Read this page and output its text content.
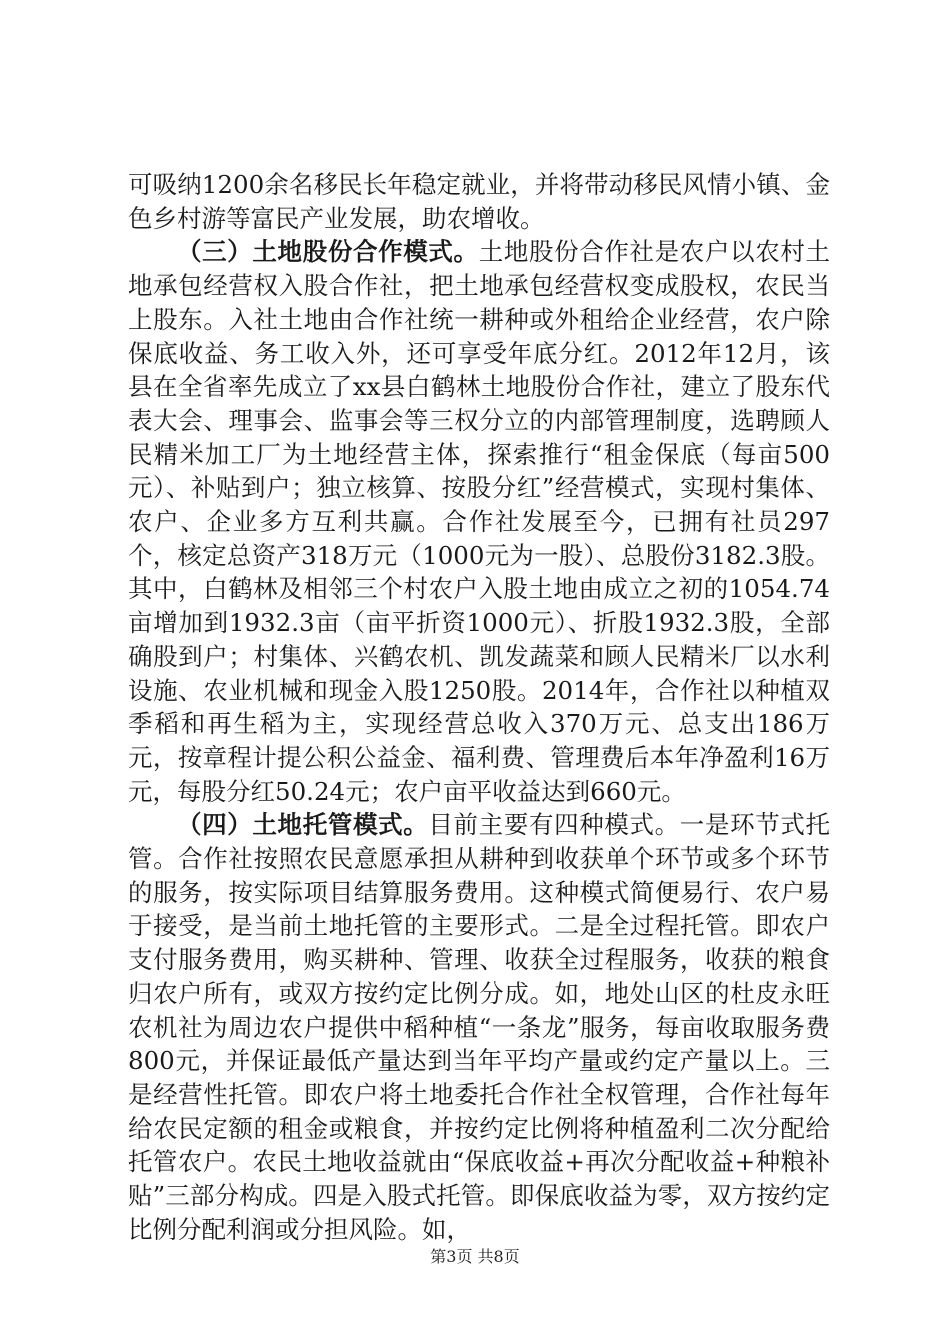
可吸纳1200余名移民长年稳定就业，并将带动移民风情小镇、金色乡村游等富民产业发展，助农增收。

（三）土地股份合作模式。土地股份合作社是农户以农村土地承包经营权入股合作社，把土地承包经营权变成股权，农民当上股东。入社土地由合作社统一耕种或外租给企业经营，农户除保底收益、务工收入外，还可享受年底分红。2012年12月，该县在全省率先成立了xx县白鹤林土地股份合作社，建立了股东代表大会、理事会、监事会等三权分立的内部管理制度，选聘顾人民精米加工厂为土地经营主体，探索推行“租金保底（每亩500元）、补贴到户；独立核算、按股分红”经营模式，实现村集体、农户、企业多方互利共赢。合作社发展至今，已拥有社员297个，核定总资产318万元（1000元为一股）、总股份3182.3股。其中，白鹤林及相邻三个村农户入股土地由成立之初的1054.74亩增加到1932.3亩（亩平折资1000元）、折股1932.3股，全部确股到户；村集体、兴鹤农机、凯发蔬菜和顾人民精米厂以水利设施、农业机械和现金入股1250股。2014年，合作社以种植双季稻和再生稻为主，实现经营总收入370万元、总支出186万元，按章程计提公积公益金、福利费、管理费后本年净盈利16万元，每股分红50.24元；农户亩平收益达到660元。

（四）土地托管模式。目前主要有四种模式。一是环节式托管。合作社按照农民意愿承担从耕种到收获单个环节或多个环节的服务，按实际项目结算服务费用。这种模式简便易行、农户易于接受，是当前土地托管的主要形式。二是全过程托管。即农户支付服务费用，购买耕种、管理、收获全过程服务，收获的粮食归农户所有，或双方按约定比例分成。如，地处山区的杜皮永旺农机社为周边农户提供中稻种植“一条龙”服务，每亩收取服务费800元，并保证最低产量达到当年平均产量或约定产量以上。三是经营性托管。即农户将土地委托合作社全权管理，合作社每年给农民定额的租金或粮食，并按约定比例将种植盈利二次分配给托管农户。农民土地收益就由“保底收益+再次分配收益+种粮补贴”三部分构成。四是入股式托管。即保底收益为零，双方按约定比例分配利润或分担风险。如，

第3页 共8页
